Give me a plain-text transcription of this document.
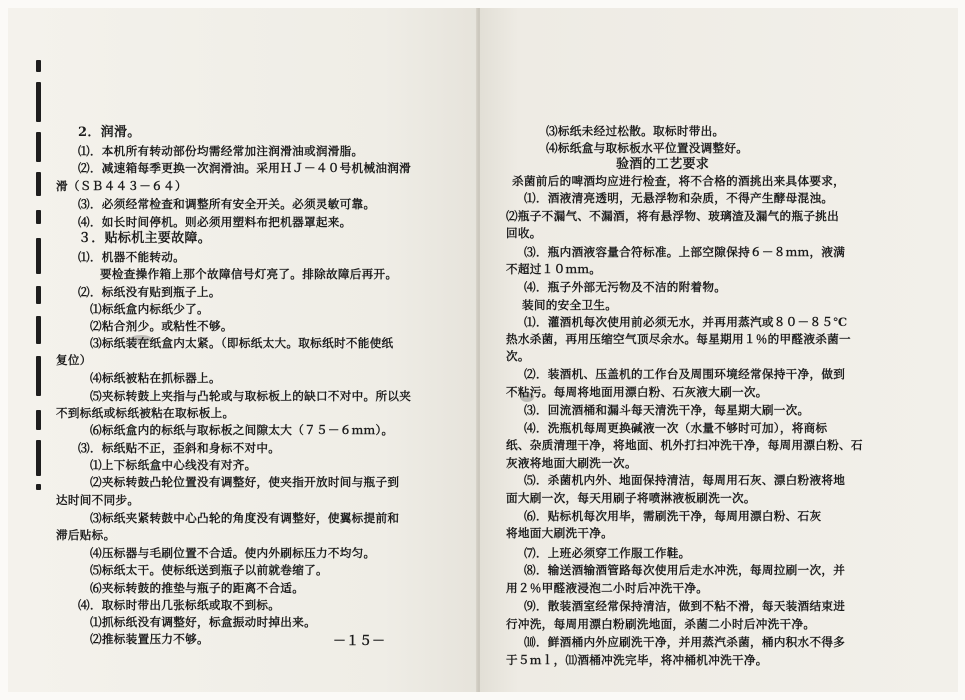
2．润滑。
⑴．本机所有转动部份均需经常加注润滑油或润滑脂。
⑵．减速箱每季更换一次润滑油。采用ＨＪ－４０号机械油润滑
滑（ＳＢ４４３－６４）
⑶．必须经常检查和调整所有安全开关。必须灵敏可靠。
⑷．如长时间停机。则必须用塑料布把机器罩起来。
３．贴标机主要故障。
⑴．机器不能转动。
要检查操作箱上那个故障信号灯亮了。排除故障后再开。
⑵．标纸没有贴到瓶子上。
⑴标纸盒内标纸少了。
⑵粘合剂少。或粘性不够。
⑶标纸装在纸盒内太紧。（即标纸太大。取标纸时不能使纸
复位）
⑷标纸被粘在抓标器上。
⑸夹标转鼓上夹指与凸轮或与取标板上的缺口不对中。所以夹
不到标纸或标纸被粘在取标板上。
⑹标纸盒内的标纸与取标板之间隙太大（７５－６ｍｍ）。
⑶．标纸贴不正，歪斜和身标不对中。
⑴上下标纸盒中心线没有对齐。
⑵夹标转鼓凸轮位置没有调整好，使夹指开放时间与瓶子到
达时间不同步。
⑶标纸夹紧转鼓中心凸轮的角度没有调整好，使翼标提前和
滞后贴标。
⑷压标器与毛刷位置不合适。使内外刷标压力不均匀。
⑸标纸太干。使标纸送到瓶子以前就卷缩了。
⑹夹标转鼓的推垫与瓶子的距离不合适。
⑷．取标时带出几张标纸或取不到标。
⑴抓标纸没有调整好，标盒振动时掉出来。
⑵推标装置压力不够。
⑶标纸未经过松散。取标时带出。
⑷标纸盒与取标板水平位置没调整好。
验酒的工艺要求
杀菌前后的啤酒均应进行检查，将不合格的酒挑出来具体要求，
⑴．酒液清亮透明，无悬浮物和杂质，不得产生酵母混浊。
⑵瓶子不漏气、不漏酒，将有悬浮物、玻璃渣及漏气的瓶子挑出
回收。
⑶．瓶内酒液容量合符标准。上部空隙保持６－８ｍｍ，液满
不超过１０ｍｍ。
⑷．瓶子外部无污物及不洁的附着物。
装间的安全卫生。
⑴．灌酒机每次使用前必须无水，并再用蒸汽或８０－８５℃
热水杀菌，再用压缩空气顶尽余水。每星期用１％的甲醛液杀菌一
次。
⑵．装酒机、压盖机的工作台及周围环境经常保持干净，做到
不粘污。每周将地面用漂白粉、石灰液大刷一次。
⑶．回流酒桶和漏斗每天清洗干净，每星期大刷一次。
⑷．洗瓶机每周更换碱液一次（水量不够时可加），将商标
纸、杂质清理干净，将地面、机外打扫冲洗干净，每周用漂白粉、石
灰液将地面大刷洗一次。
⑸．杀菌机内外、地面保持清洁，每周用石灰、漂白粉液将地
面大刷一次，每天用刷子将喷淋液板刷洗一次。
⑹．贴标机每次用毕，需刷洗干净，每周用漂白粉、石灰
将地面大刷洗干净。
⑺．上班必须穿工作服工作鞋。
⑻．输送酒输酒管路每次使用后走水冲洗，每周拉刷一次，并
用２％甲醛液浸泡二小时后冲洗干净。
⑼．散装酒室经常保持清洁，做到不粘不滑，每天装酒结束进
行冲洗，每周用漂白粉刷洗地面，杀菌二小时后冲洗干净。
⑽．鲜酒桶内外应刷洗干净，并用蒸汽杀菌，桶内积水不得多
于５ｍｌ，⑾酒桶冲洗完毕，将冲桶机冲洗干净。
－１５－
